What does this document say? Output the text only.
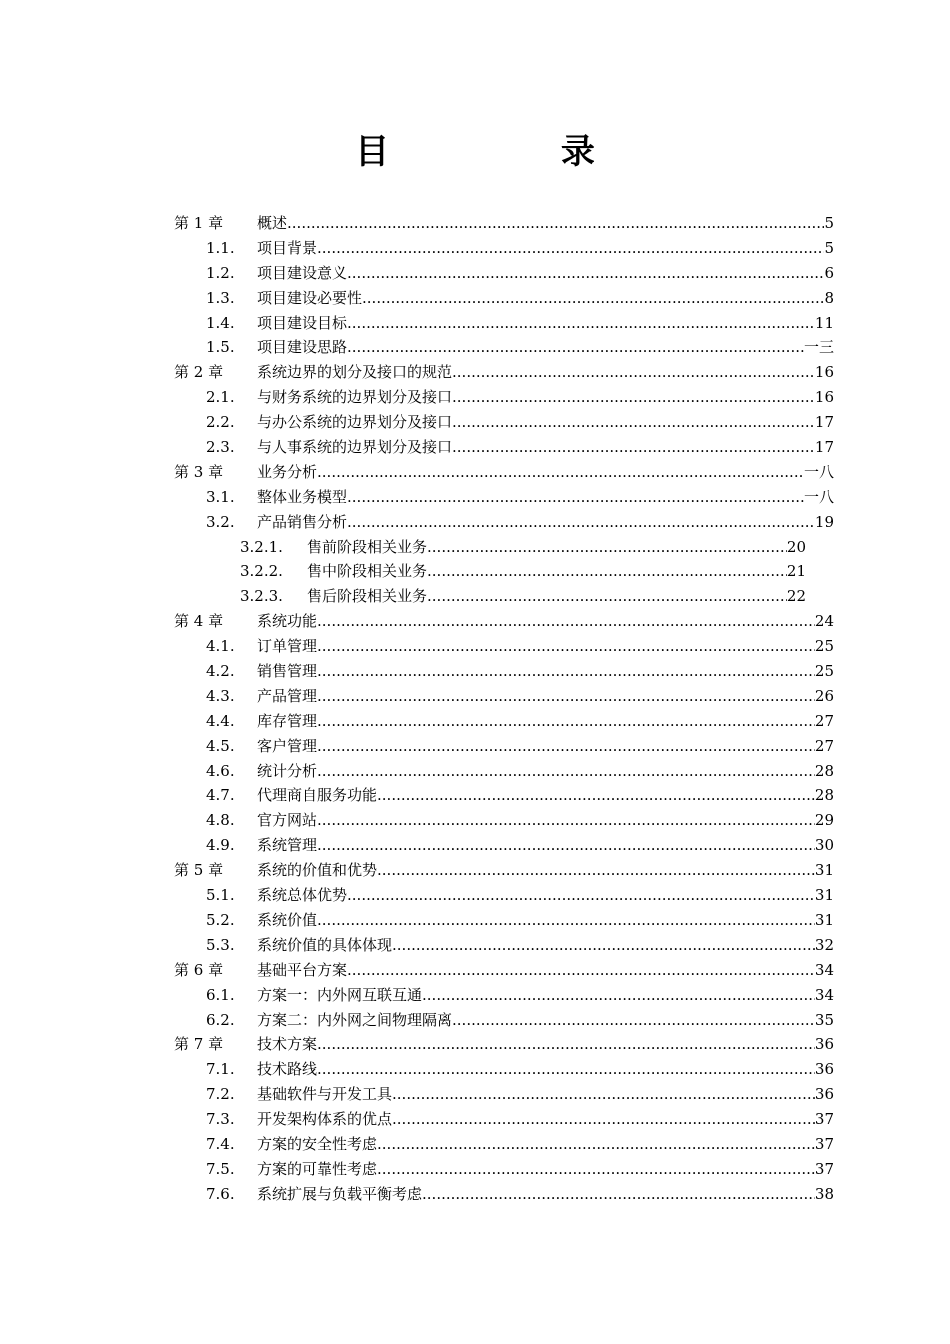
目 录
第 1 章 概述 .....	5
1.1. 项目背景 .....	5
1.2. 项目建设意义 .....	6
1.3. 项目建设必要性 .....	8
1.4. 项目建设目标 .....	11
1.5. 项目建设思路 .....	一三
第 2 章 系统边界的划分及接口的规范 .....	16
2.1. 与财务系统的边界划分及接口 .....	16
2.2. 与办公系统的边界划分及接口 .....	17
2.3. 与人事系统的边界划分及接口 .....	17
第 3 章 业务分析 .....	一八
3.1. 整体业务模型 .....	一八
3.2. 产品销售分析 .....	19
3.2.1. 售前阶段相关业务 .....	20
3.2.2. 售中阶段相关业务 .....	21
3.2.3. 售后阶段相关业务 .....	22
第 4 章 系统功能 .....	24
4.1. 订单管理 .....	25
4.2. 销售管理 .....	25
4.3. 产品管理 .....	26
4.4. 库存管理 .....	27
4.5. 客户管理 .....	27
4.6. 统计分析 .....	28
4.7. 代理商自服务功能 .....	28
4.8. 官方网站 .....	29
4.9. 系统管理 .....	30
第 5 章 系统的价值和优势 .....	31
5.1. 系统总体优势 .....	31
5.2. 系统价值 .....	31
5.3. 系统价值的具体体现 .....	32
第 6 章 基础平台方案 .....	34
6.1. 方案一：内外网互联互通 .....	34
6.2. 方案二：内外网之间物理隔离 .....	35
第 7 章 技术方案 .....	36
7.1. 技术路线 .....	36
7.2. 基础软件与开发工具 .....	36
7.3. 开发架构体系的优点 .....	37
7.4. 方案的安全性考虑 .....	37
7.5. 方案的可靠性考虑 .....	37
7.6. 系统扩展与负载平衡考虑 .....	38
